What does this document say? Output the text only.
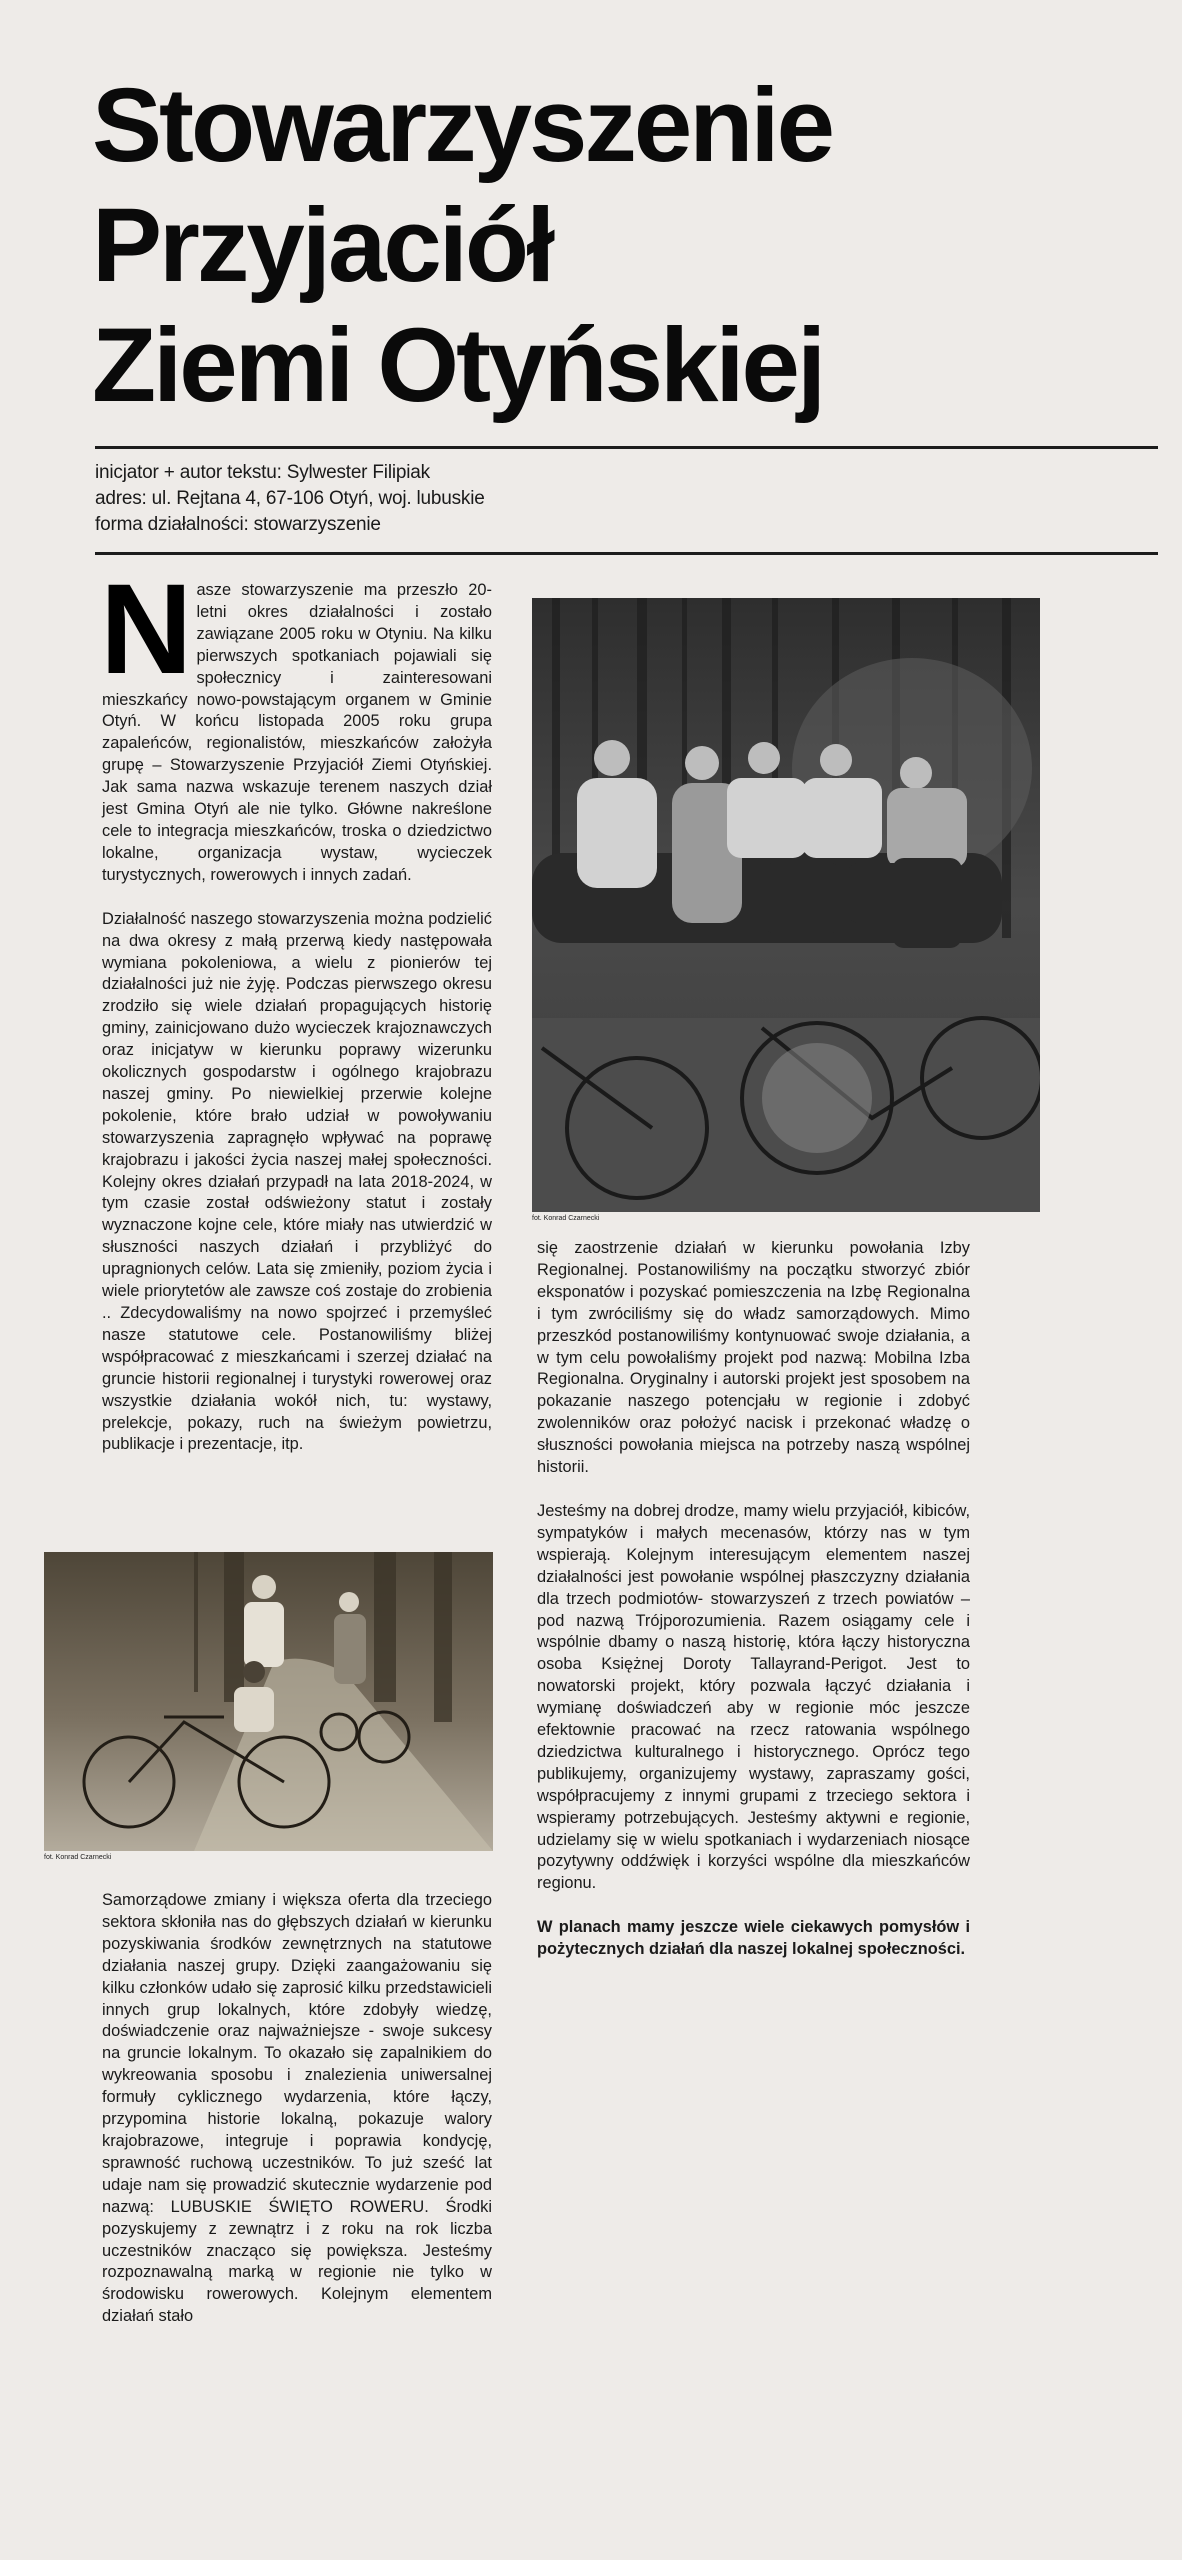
Stowarzyszenie
Przyjaciół
Ziemi Otyńskiej
inicjator + autor tekstu: Sylwester Filipiak
adres: ul. Rejtana 4, 67-106 Otyń, woj. lubuskie
forma działalności: stowarzyszenie

Nasze stowarzyszenie ma przeszło 20-letni okres działalności i zostało zawiązane 2005 roku w Otyniu. Na kilku pierwszych spotkaniach pojawiali się społecznicy i zainteresowani mieszkańcy nowo-powstającym organem w Gminie Otyń. W końcu listopada 2005 roku grupa zapaleńców, regionalistów, mieszkańców założyła grupę – Stowarzyszenie Przyjaciół Ziemi Otyńskiej. Jak sama nazwa wskazuje terenem naszych dział jest Gmina Otyń ale nie tylko. Główne nakreślone cele to integracja mieszkańców, troska o dziedzictwo lokalne, organizacja wystaw, wycieczek turystycznych, rowerowych i innych zadań.

Działalność naszego stowarzyszenia można podzielić na dwa okresy z małą przerwą kiedy następowała wymiana pokoleniowa, a wielu z pionierów tej działalności już nie żyję. Podczas pierwszego okresu zrodziło się wiele działań propagujących historię gminy, zainicjowano dużo wycieczek krajoznawczych oraz inicjatyw w kierunku poprawy wizerunku okolicznych gospodarstw i ogólnego krajobrazu naszej gminy. Po niewielkiej przerwie kolejne pokolenie, które brało udział w powoływaniu stowarzyszenia zapragnęło wpływać na poprawę krajobrazu i jakości życia naszej małej społeczności. Kolejny okres działań przypadł na lata 2018-2024, w tym czasie został odświeżony statut i zostały wyznaczone kojne cele, które miały nas utwierdzić w słuszności naszych działań i przybliżyć do upragnionych celów. Lata się zmieniły, poziom życia i wiele priorytetów ale zawsze coś zostaje do zrobienia .. Zdecydowaliśmy na nowo spojrzeć i przemyśleć nasze statutowe cele. Postanowiliśmy bliżej współpracować z mieszkańcami i szerzej działać na gruncie historii regionalnej i turystyki rowerowej oraz wszystkie działania wokół nich, tu: wystawy, prelekcje, pokazy, ruch na świeżym powietrzu, publikacje i prezentacje, itp.

fot. Konrad Czarnecki

się zaostrzenie działań w kierunku powołania Izby Regionalnej. Postanowiliśmy na początku stworzyć zbiór eksponatów i pozyskać pomieszczenia na Izbę Regionalna i tym zwróciliśmy się do władz samorządowych. Mimo przeszkód postanowiliśmy kontynuować swoje działania, a w tym celu powołaliśmy projekt pod nazwą: Mobilna Izba Regionalna. Oryginalny i autorski projekt jest sposobem na pokazanie naszego potencjału w regionie i zdobyć zwolenników oraz położyć nacisk i przekonać władzę o słuszności powołania miejsca na potrzeby naszą wspólnej historii.

Jesteśmy na dobrej drodze, mamy wielu przyjaciół, kibiców, sympatyków i małych mecenasów, którzy nas w tym wspierają. Kolejnym interesującym elementem naszej działalności jest powołanie wspólnej płaszczyzny działania dla trzech podmiotów- stowarzyszeń z trzech powiatów – pod nazwą Trójporozumienia. Razem osiągamy cele i wspólnie dbamy o naszą historię, która łączy historyczna osoba Księżnej Doroty Tallayrand-Perigot. Jest to nowatorski projekt, który pozwala łączyć działania i wymianę doświadczeń aby w regionie móc jeszcze efektownie pracować na rzecz ratowania wspólnego dziedzictwa kulturalnego i historycznego. Oprócz tego publikujemy, organizujemy wystawy, zapraszamy gości, współpracujemy z innymi grupami z trzeciego sektora i wspieramy potrzebujących. Jesteśmy aktywni e regionie, udzielamy się w wielu spotkaniach i wydarzeniach niosące pozytywny oddźwięk i korzyści wspólne dla mieszkańców regionu.

W planach mamy jeszcze wiele ciekawych pomysłów i pożytecznych działań dla naszej lokalnej społeczności.

fot. Konrad Czarnecki

Samorządowe zmiany i większa oferta dla trzeciego sektora skłoniła nas do głębszych działań w kierunku pozyskiwania środków zewnętrznych na statutowe działania naszej grupy. Dzięki zaangażowaniu się kilku członków udało się zaprosić kilku przedstawicieli innych grup lokalnych, które zdobyły wiedzę, doświadczenie oraz najważniejsze - swoje sukcesy na gruncie lokalnym. To okazało się zapalnikiem do wykreowania sposobu i znalezienia uniwersalnej formuły cyklicznego wydarzenia, które łączy, przypomina historie lokalną, pokazuje walory krajobrazowe, integruje i poprawia kondycję, sprawność ruchową uczestników. To już sześć lat udaje nam się prowadzić skutecznie wydarzenie pod nazwą: LUBUSKIE ŚWIĘTO ROWERU. Środki pozyskujemy z zewnątrz i z roku na rok liczba uczestników znacząco się powiększa. Jesteśmy rozpoznawalną marką w regionie nie tylko w środowisku rowerowych. Kolejnym elementem działań stało
